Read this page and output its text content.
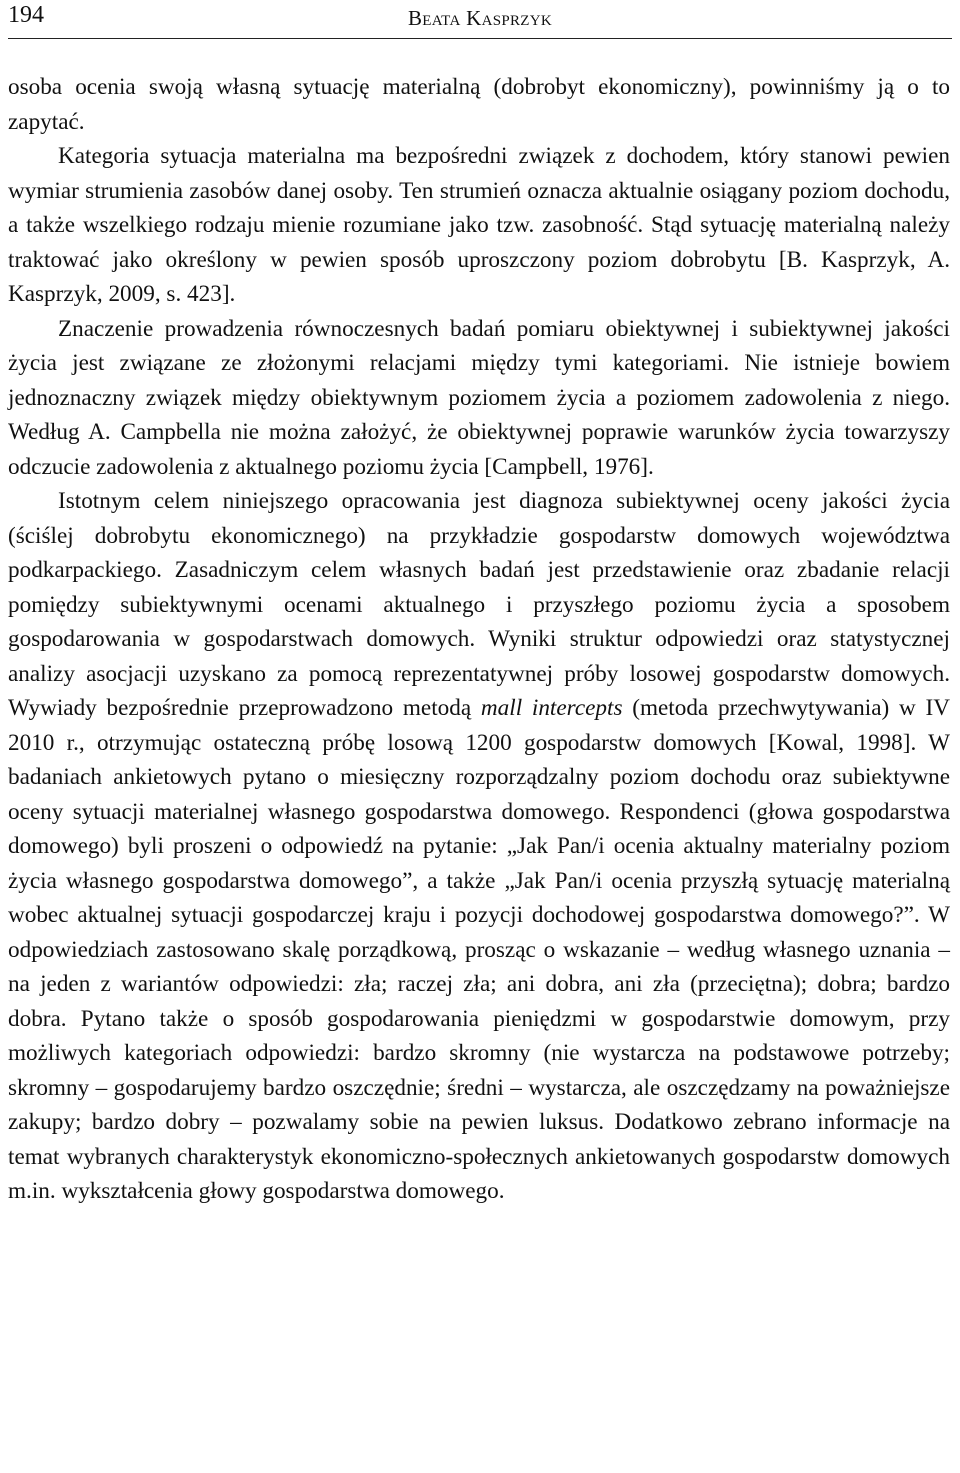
194	Beata Kasprzyk

osoba ocenia swoją własną sytuację materialną (dobrobyt ekonomiczny), powinniśmy ją o to zapytać.

Kategoria sytuacja materialna ma bezpośredni związek z dochodem, który stanowi pewien wymiar strumienia zasobów danej osoby. Ten strumień oznacza aktualnie osiągany poziom dochodu, a także wszelkiego rodzaju mienie rozumiane jako tzw. zasobność. Stąd sytuację materialną należy traktować jako określony w pewien sposób uproszczony poziom dobrobytu [B. Kasprzyk, A. Kasprzyk, 2009, s. 423].

Znaczenie prowadzenia równoczesnych badań pomiaru obiektywnej i subiektywnej jakości życia jest związane ze złożonymi relacjami między tymi kategoriami. Nie istnieje bowiem jednoznaczny związek między obiektywnym poziomem życia a poziomem zadowolenia z niego. Według A. Campbella nie można założyć, że obiektywnej poprawie warunków życia towarzyszy odczucie zadowolenia z aktualnego poziomu życia [Campbell, 1976].

Istotnym celem niniejszego opracowania jest diagnoza subiektywnej oceny jakości życia (ściślej dobrobytu ekonomicznego) na przykładzie gospodarstw domowych województwa podkarpackiego. Zasadniczym celem własnych badań jest przedstawienie oraz zbadanie relacji pomiędzy subiektywnymi ocenami aktualnego i przyszłego poziomu życia a sposobem gospodarowania w gospodarstwach domowych. Wyniki struktur odpowiedzi oraz statystycznej analizy asocjacji uzyskano za pomocą reprezentatywnej próby losowej gospodarstw domowych. Wywiady bezpośrednie przeprowadzono metodą mall intercepts (metoda przechwytywania) w IV 2010 r., otrzymując ostateczną próbę losową 1200 gospodarstw domowych [Kowal, 1998]. W badaniach ankietowych pytano o miesięczny rozporządzalny poziom dochodu oraz subiektywne oceny sytuacji materialnej własnego gospodarstwa domowego. Respondenci (głowa gospodarstwa domowego) byli proszeni o odpowiedź na pytanie: „Jak Pan/i ocenia aktualny materialny poziom życia własnego gospodarstwa domowego”, a także „Jak Pan/i ocenia przyszłą sytuację materialną wobec aktualnej sytuacji gospodarczej kraju i pozycji dochodowej gospodarstwa domowego?”. W odpowiedziach zastosowano skalę porządkową, prosząc o wskazanie – według własnego uznania – na jeden z wariantów odpowiedzi: zła; raczej zła; ani dobra, ani zła (przeciętna); dobra; bardzo dobra. Pytano także o sposób gospodarowania pieniędzmi w gospodarstwie domowym, przy możliwych kategoriach odpowiedzi: bardzo skromny (nie wystarcza na podstawowe potrzeby; skromny – gospodarujemy bardzo oszczędnie; średni – wystarcza, ale oszczędzamy na poważniejsze zakupy; bardzo dobry – pozwalamy sobie na pewien luksus. Dodatkowo zebrano informacje na temat wybranych charakterystyk ekonomiczno-społecznych ankietowanych gospodarstw domowych m.in. wykształcenia głowy gospodarstwa domowego.
